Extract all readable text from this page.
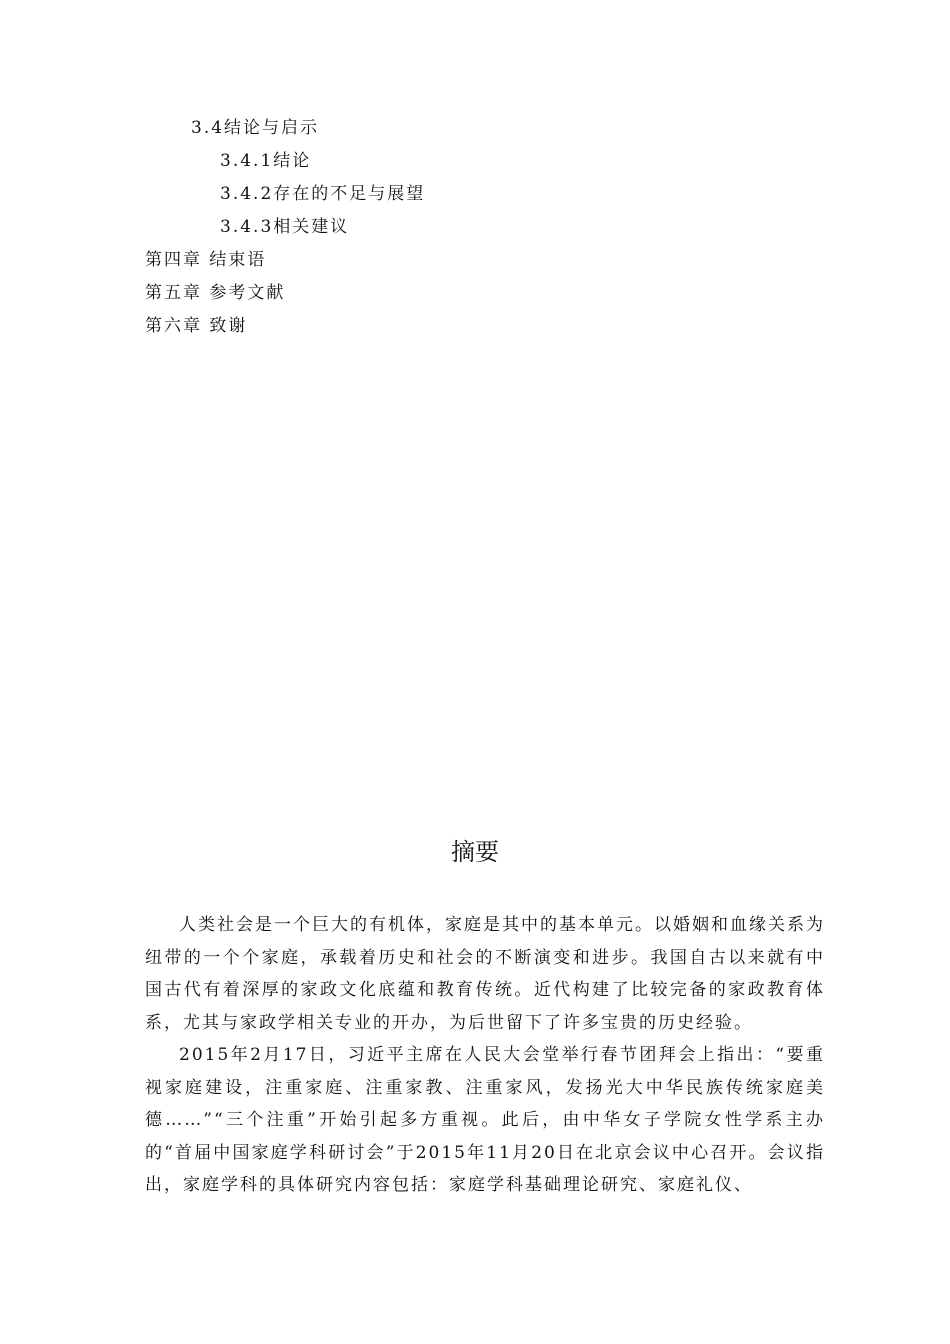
3.4结论与启示
3.4.1结论
3.4.2存在的不足与展望
3.4.3相关建议
第四章 结束语
第五章 参考文献
第六章 致谢
摘要

人类社会是一个巨大的有机体，家庭是其中的基本单元。以婚姻和血缘关系为纽带的一个个家庭，承载着历史和社会的不断演变和进步。我国自古以来就有中国古代有着深厚的家政文化底蕴和教育传统。近代构建了比较完备的家政教育体系，尤其与家政学相关专业的开办，为后世留下了许多宝贵的历史经验。

2015年2月17日，习近平主席在人民大会堂举行春节团拜会上指出：“要重视家庭建设，注重家庭、注重家教、注重家风，发扬光大中华民族传统家庭美德……”“三个注重”开始引起多方重视。此后，由中华女子学院女性学系主办的“首届中国家庭学科研讨会”于2015年11月20日在北京会议中心召开。会议指出，家庭学科的具体研究内容包括：家庭学科基础理论研究、家庭礼仪、
